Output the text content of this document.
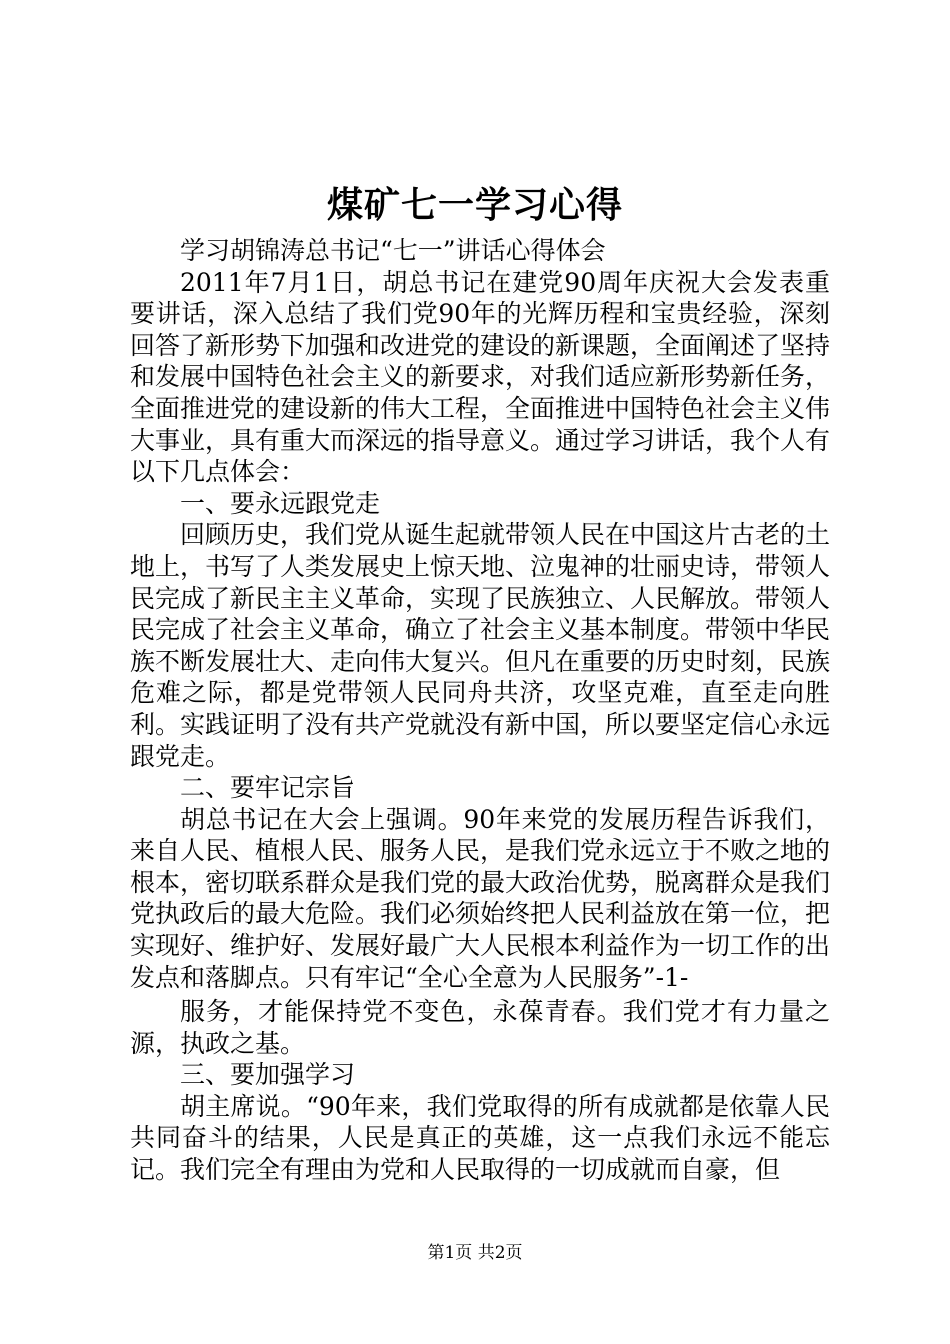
煤矿七一学习心得

学习胡锦涛总书记“七一”讲话心得体会

2011年7月1日，胡总书记在建党90周年庆祝大会发表重要讲话，深入总结了我们党90年的光辉历程和宝贵经验，深刻回答了新形势下加强和改进党的建设的新课题，全面阐述了坚持和发展中国特色社会主义的新要求，对我们适应新形势新任务，全面推进党的建设新的伟大工程，全面推进中国特色社会主义伟大事业，具有重大而深远的指导意义。通过学习讲话，我个人有以下几点体会：

一、要永远跟党走

回顾历史，我们党从诞生起就带领人民在中国这片古老的土地上，书写了人类发展史上惊天地、泣鬼神的壮丽史诗，带领人民完成了新民主主义革命，实现了民族独立、人民解放。带领人民完成了社会主义革命，确立了社会主义基本制度。带领中华民族不断发展壮大、走向伟大复兴。但凡在重要的历史时刻，民族危难之际，都是党带领人民同舟共济，攻坚克难，直至走向胜利。实践证明了没有共产党就没有新中国，所以要坚定信心永远跟党走。

二、要牢记宗旨

胡总书记在大会上强调。90年来党的发展历程告诉我们，来自人民、植根人民、服务人民，是我们党永远立于不败之地的根本，密切联系群众是我们党的最大政治优势，脱离群众是我们党执政后的最大危险。我们必须始终把人民利益放在第一位，把实现好、维护好、发展好最广大人民根本利益作为一切工作的出发点和落脚点。只有牢记“全心全意为人民服务”-1-

服务，才能保持党不变色，永葆青春。我们党才有力量之源，执政之基。

三、要加强学习

胡主席说。“90年来，我们党取得的所有成就都是依靠人民共同奋斗的结果，人民是真正的英雄，这一点我们永远不能忘记。我们完全有理由为党和人民取得的一切成就而自豪，但

第1页 共2页
